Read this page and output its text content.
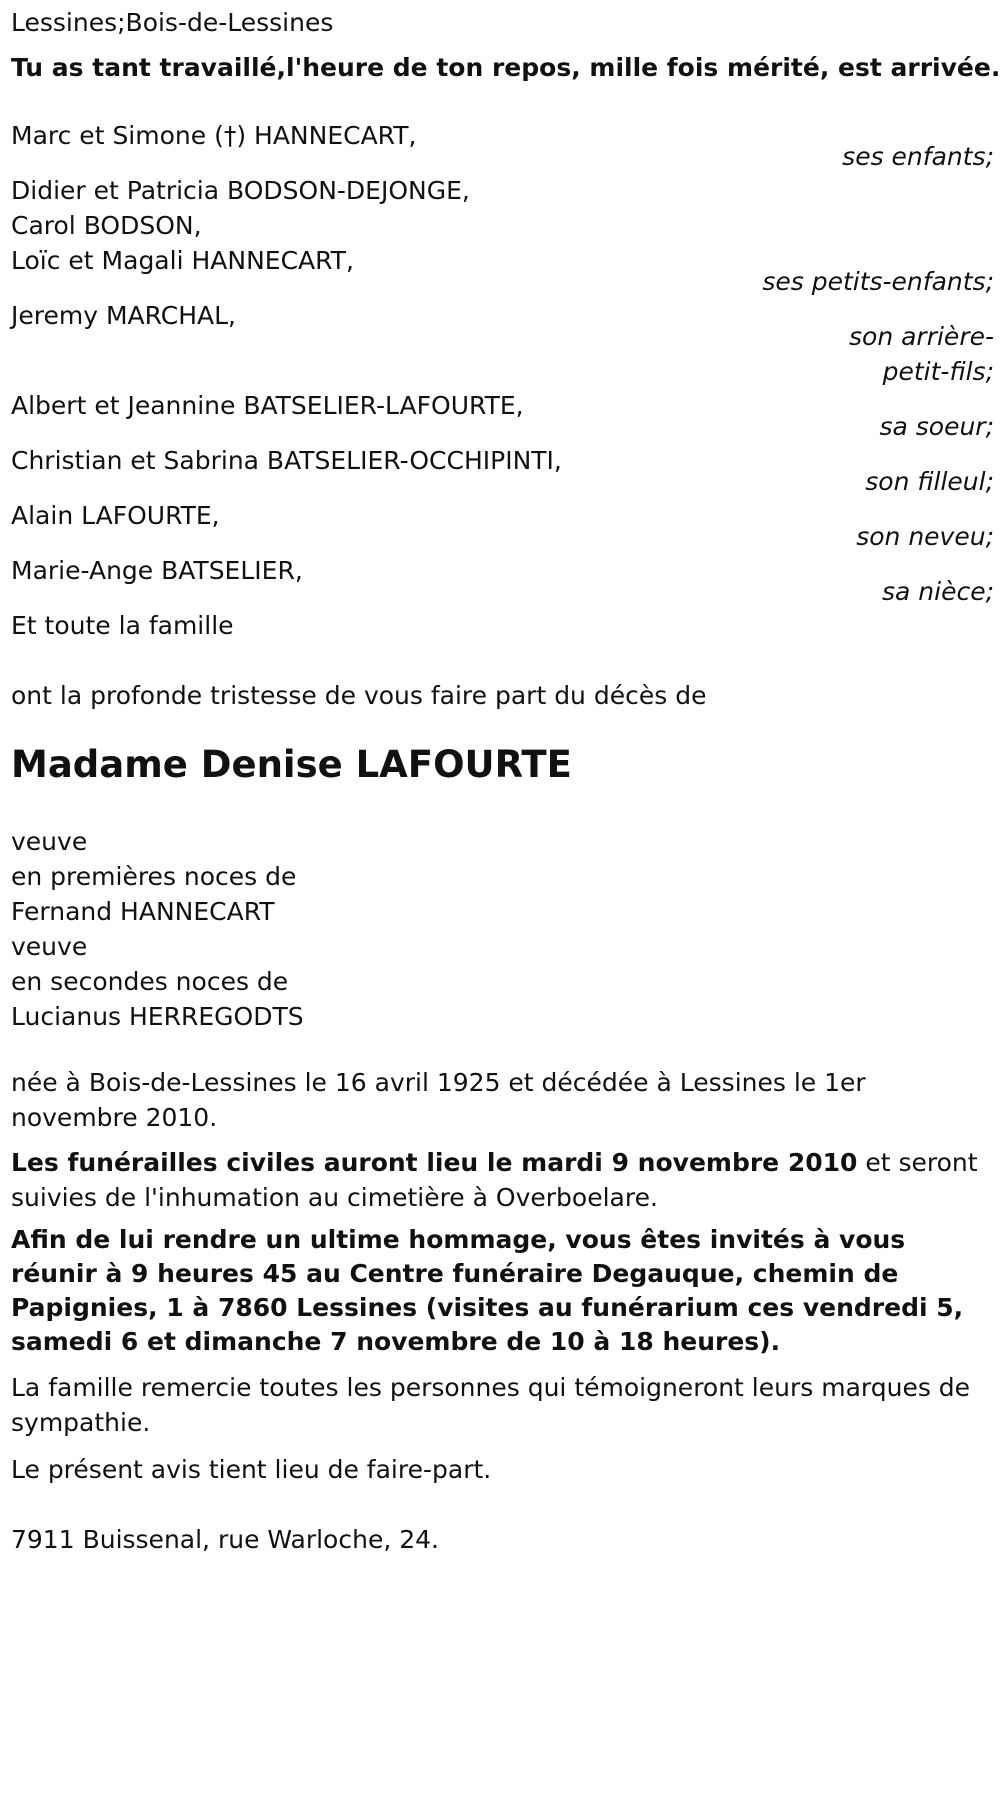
Lessines;Bois-de-Lessines
Tu as tant travaillé,l'heure de ton repos, mille fois mérité, est arrivée.
Marc et Simone (†) HANNECART,
ses enfants;
Didier et Patricia BODSON-DEJONGE,
Carol BODSON,
Loïc et Magali HANNECART,
ses petits-enfants;
Jeremy MARCHAL,
son arrière-
petit-fils;
Albert et Jeannine BATSELIER-LAFOURTE,
sa soeur;
Christian et Sabrina BATSELIER-OCCHIPINTI,
son filleul;
Alain LAFOURTE,
son neveu;
Marie-Ange BATSELIER,
sa nièce;
Et toute la famille
ont la profonde tristesse de vous faire part du décès de
Madame Denise LAFOURTE
veuve
en premières noces de
Fernand HANNECART
veuve
en secondes noces de
Lucianus HERREGODTS
née à Bois-de-Lessines le 16 avril 1925 et décédée à Lessines le 1er novembre 2010.
Les funérailles civiles auront lieu le mardi 9 novembre 2010 et seront suivies de l'inhumation au cimetière à Overboelare.
Afin de lui rendre un ultime hommage, vous êtes invités à vous réunir à 9 heures 45 au Centre funéraire Degauque, chemin de Papignies, 1 à 7860 Lessines (visites au funérarium ces vendredi 5, samedi 6 et dimanche 7 novembre de 10 à 18 heures).
La famille remercie toutes les personnes qui témoigneront leurs marques de sympathie.
Le présent avis tient lieu de faire-part.
7911 Buissenal, rue Warloche, 24.
